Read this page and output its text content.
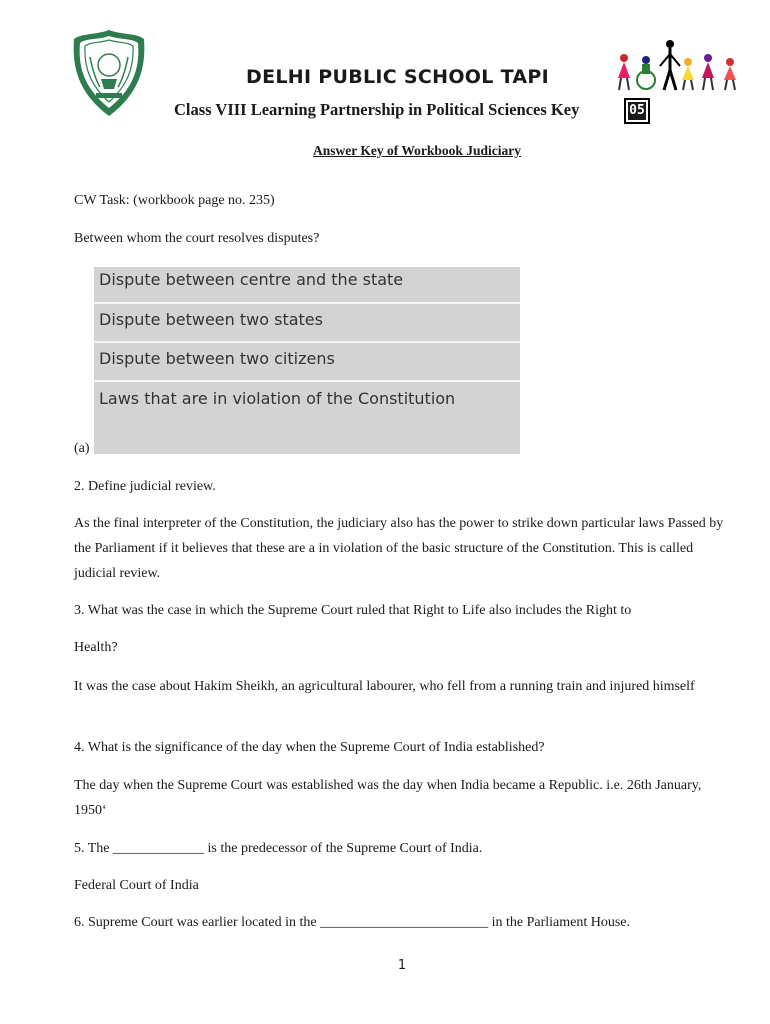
DELHI PUBLIC SCHOOL TAPI
Class VIII Learning Partnership in Political Sciences Key	05
Answer Key of Workbook Judiciary
CW Task: (workbook page no. 235)
Between whom the court resolves disputes?
Dispute between centre and the state
Dispute between two states
Dispute between two citizens
Laws that are in violation of the Constitution
(a)
2. Define judicial review.
As the final interpreter of the Constitution, the judiciary also has the power to strike down particular laws Passed by the Parliament if it believes that these are a in violation of the basic structure of the Constitution. This is called judicial review.
3. What was the case in which the Supreme Court ruled that Right to Life also includes the Right to
Health?
It was the case about Hakim Sheikh, an agricultural labourer, who fell from a running train and injured himself
4. What is the significance of the day when the Supreme Court of India established?
The day when the Supreme Court was established was the day when India became a Republic. i.e. 26th January, 1950‘
5. The _____________ is the predecessor of the Supreme Court of India.
Federal Court of India
6. Supreme Court was earlier located in the ________________________ in the Parliament House.
1
